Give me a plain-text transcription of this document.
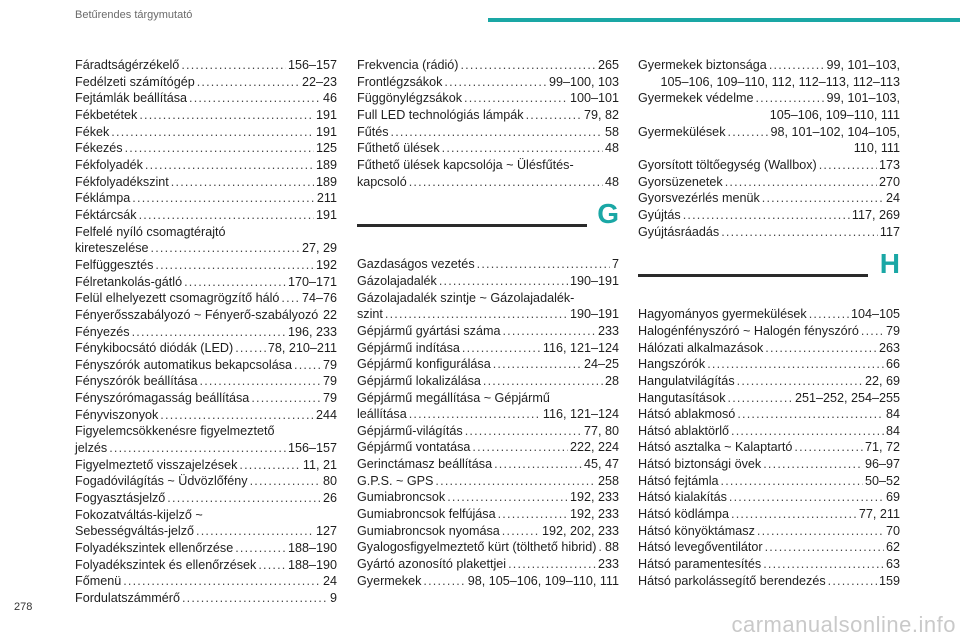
Betűrendes tárgymutató
Fáradtságérzékelő .....	156–157
Fedélzeti számítógép .....	22–23
Fejtámlák beállítása .....	46
Fékbetétek .....	191
Fékek .....	191
Fékezés .....	125
Fékfolyadék .....	189
Fékfolyadékszint .....	189
Féklámpa .....	211
Féktárcsák .....	191
Felfelé nyíló csomagtérajtó
kireteszelése .....	27, 29
Felfüggesztés .....	192
Félretankolás-gátló .....	170–171
Felül elhelyezett csomagrögzítő háló ..... 74–76
Fényerősszabályozó ~ Fényerő-szabályozó ..... 22
Fényezés .....	196, 233
Fénykibocsátó diódák (LED) .....	78, 210–211
Fényszórók automatikus bekapcsolása ..... 79
Fényszórók beállítása .....	79
Fényszórómagasság beállítása .....	79
Fényviszonyok .....	244
Figyelemcsökkenésre figyelmeztető
jelzés .....	156–157
Figyelmeztető visszajelzések .....	11, 21
Fogadóvilágítás ~ Üdvözlőfény .....	80
Fogyasztásjelző .....	26
Fokozatváltás-kijelző ~
Sebességváltás-jelző .....	127
Folyadékszintek ellenőrzése .....	188–190
Folyadékszintek és ellenőrzések .....	188–190
Főmenü .....	24
Fordulatszámmérő .....	9
Frekvencia (rádió) .....	265
Frontlégzsákok .....	99–100, 103
Függönylégzsákok .....	100–101
Full LED technológiás lámpák .....	79, 82
Fűtés .....	58
Fűthető ülések .....	48
Fűthető ülések kapcsolója ~ Ülésfűtés-
kapcsoló .....	48
G
Gazdaságos vezetés .....	7
Gázolajadalék .....	190–191
Gázolajadalék szintje ~ Gázolajadalék-
szint .....	190–191
Gépjármű gyártási száma .....	233
Gépjármű indítása .....	116, 121–124
Gépjármű konfigurálása .....	24–25
Gépjármű lokalizálása .....	28
Gépjármű megállítása ~ Gépjármű
leállítása .....	116, 121–124
Gépjármű-világítás .....	77, 80
Gépjármű vontatása .....	222, 224
Gerinctámasz beállítása .....	45, 47
G.P.S. ~ GPS .....	258
Gumiabroncsok .....	192, 233
Gumiabroncsok felfújása .....	192, 233
Gumiabroncsok nyomása .....	192, 202, 233
Gyalogosfigyelmeztető kürt (tölthető hibrid) ..... 88
Gyártó azonosító plakettjei .....	233
Gyermekek .....	98, 105–106, 109–110, 111
Gyermekek biztonsága .....	99, 101–103,
105–106, 109–110, 112, 112–113, 112–113
Gyermekek védelme .....	99, 101–103,
105–106, 109–110, 111
Gyermekülések .....	98, 101–102, 104–105,
110, 111
Gyorsított töltőegység (Wallbox) .....	173
Gyorsüzenetek .....	270
Gyorsvezérlés menük .....	24
Gyújtás .....	117, 269
Gyújtásráadás .....	117
H
Hagyományos gyermekülések .....	104–105
Halogénfényszóró ~ Halogén fényszóró ..... 79
Hálózati alkalmazások .....	263
Hangszórók .....	66
Hangulatvilágítás .....	22, 69
Hangutasítások .....	251–252, 254–255
Hátsó ablakmosó .....	84
Hátsó ablaktörlő .....	84
Hátsó asztalka ~ Kalaptartó .....	71, 72
Hátsó biztonsági övek .....	96–97
Hátsó fejtámla .....	50–52
Hátsó kialakítás .....	69
Hátsó ködlámpa .....	77, 211
Hátsó könyöktámasz .....	70
Hátsó levegőventilátor .....	62
Hátsó paramentesítés .....	63
Hátsó parkolássegítő berendezés .....	159
278
carmanualsonline.info
